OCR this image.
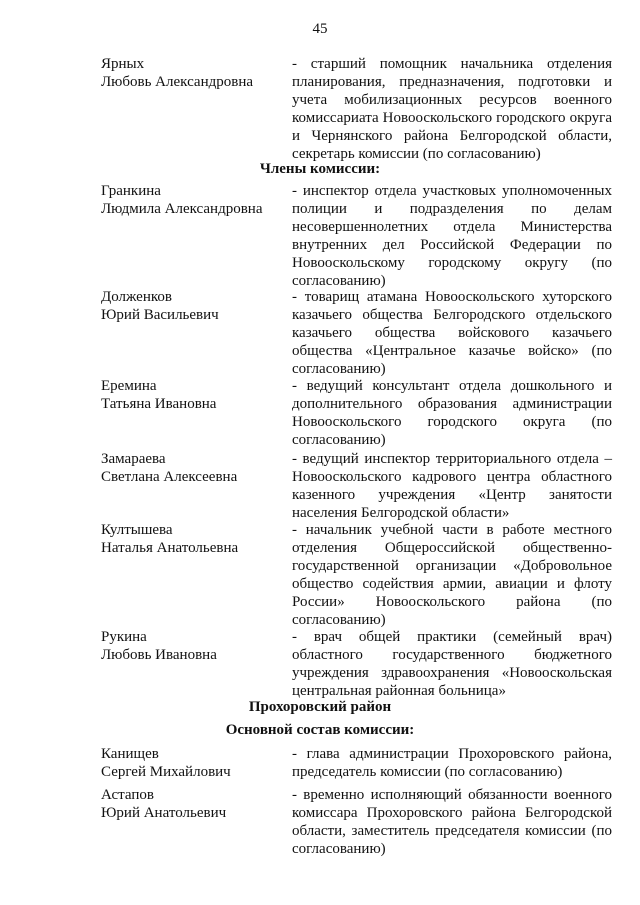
45
Ярных
Любовь Александровна
- старший помощник начальника отделения планирования, предназначения, подготовки и учета мобилизационных ресурсов военного комиссариата Новооскольского городского округа и Чернянского района Белгородской области, секретарь комиссии (по согласованию)
Члены комиссии:
Гранкина
Людмила Александровна
- инспектор отдела участковых уполномоченных полиции и подразделения по делам несовершеннолетних отдела Министерства внутренних дел Российской Федерации по Новооскольскому городскому округу (по согласованию)
Долженков
Юрий Васильевич
- товарищ атамана Новооскольского хуторского казачьего общества Белгородского отдельского казачьего общества войскового казачьего общества «Центральное казачье войско» (по согласованию)
Еремина
Татьяна Ивановна
- ведущий консультант отдела дошкольного и дополнительного образования администрации Новооскольского городского округа (по согласованию)
Замараева
Светлана Алексеевна
- ведущий инспектор территориального отдела – Новооскольского кадрового центра областного казенного учреждения «Центр занятости населения Белгородской области»
Култышева
Наталья Анатольевна
- начальник учебной части в работе местного отделения Общероссийской общественно-государственной организации «Добровольное общество содействия армии, авиации и флоту России» Новооскольского района (по согласованию)
Рукина
Любовь Ивановна
- врач общей практики (семейный врач) областного государственного бюджетного учреждения здравоохранения «Новооскольская центральная районная больница»
Прохоровский район
Основной состав комиссии:
Канищев
Сергей Михайлович
- глава администрации Прохоровского района, председатель комиссии (по согласованию)
Астапов
Юрий Анатольевич
- временно исполняющий обязанности военного комиссара Прохоровского района Белгородской области, заместитель председателя комиссии (по согласованию)
